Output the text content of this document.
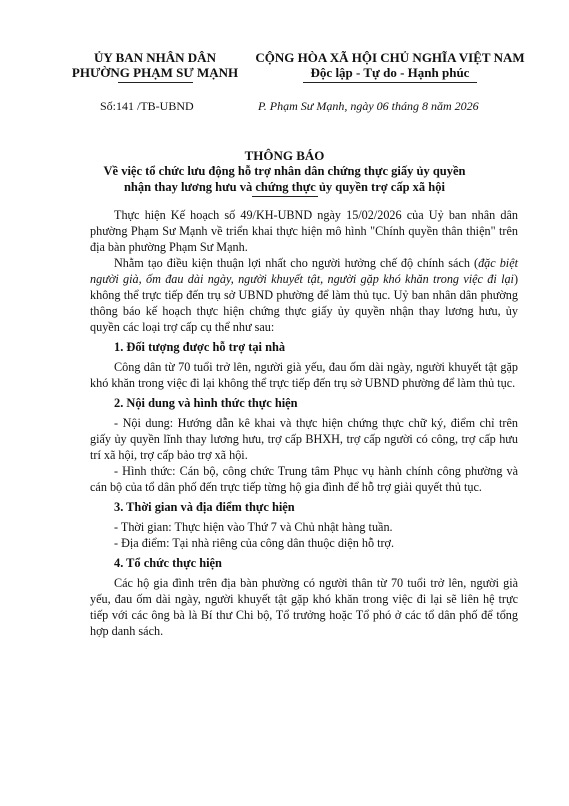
ỦY BAN NHÂN DÂN
PHƯỜNG PHẠM SƯ MẠNH
CỘNG HÒA XÃ HỘI CHỦ NGHĨA VIỆT NAM
Độc lập - Tự do - Hạnh phúc
Số:141 /TB-UBND	P. Phạm Sư Mạnh, ngày 06 tháng 8 năm 2026
THÔNG BÁO
Về việc tổ chức lưu động hỗ trợ nhân dân chứng thực giấy ủy quyền
nhận thay lương hưu và chứng thực ủy quyền trợ cấp xã hội

Thực hiện Kế hoạch số 49/KH-UBND ngày 15/02/2026 của Uỷ ban nhân dân phường Phạm Sư Mạnh về triển khai thực hiện mô hình "Chính quyền thân thiện" trên địa bàn phường Phạm Sư Mạnh.

Nhằm tạo điều kiện thuận lợi nhất cho người hưởng chế độ chính sách (đặc biệt người già, ốm đau dài ngày, người khuyết tật, người gặp khó khăn trong việc đi lại) không thể trực tiếp đến trụ sở UBND phường để làm thủ tục. Uỷ ban nhân dân phường thông báo kế hoạch thực hiện chứng thực giấy ủy quyền nhận thay lương hưu, ủy quyền các loại trợ cấp cụ thể như sau:

1. Đối tượng được hỗ trợ tại nhà

Công dân từ 70 tuổi trở lên, người già yếu, đau ốm dài ngày, người khuyết tật gặp khó khăn trong việc đi lại không thể trực tiếp đến trụ sở UBND phường để làm thủ tục.

2. Nội dung và hình thức thực hiện

- Nội dung: Hướng dẫn kê khai và thực hiện chứng thực chữ ký, điểm chỉ trên giấy ủy quyền lĩnh thay lương hưu, trợ cấp BHXH, trợ cấp người có công, trợ cấp hưu trí xã hội, trợ cấp bảo trợ xã hội.

- Hình thức: Cán bộ, công chức Trung tâm Phục vụ hành chính công phường và cán bộ của tổ dân phố đến trực tiếp từng hộ gia đình để hỗ trợ giải quyết thủ tục.

3. Thời gian và địa điểm thực hiện

- Thời gian: Thực hiện vào Thứ 7 và Chủ nhật hàng tuần.

- Địa điểm: Tại nhà riêng của công dân thuộc diện hỗ trợ.

4. Tổ chức thực hiện

Các hộ gia đình trên địa bàn phường có người thân từ 70 tuổi trở lên, người già yếu, đau ốm dài ngày, người khuyết tật gặp khó khăn trong việc đi lại sẽ liên hệ trực tiếp với các ông bà là Bí thư Chi bộ, Tổ trưởng hoặc Tổ phó ở các tổ dân phố để tổng hợp danh sách.
